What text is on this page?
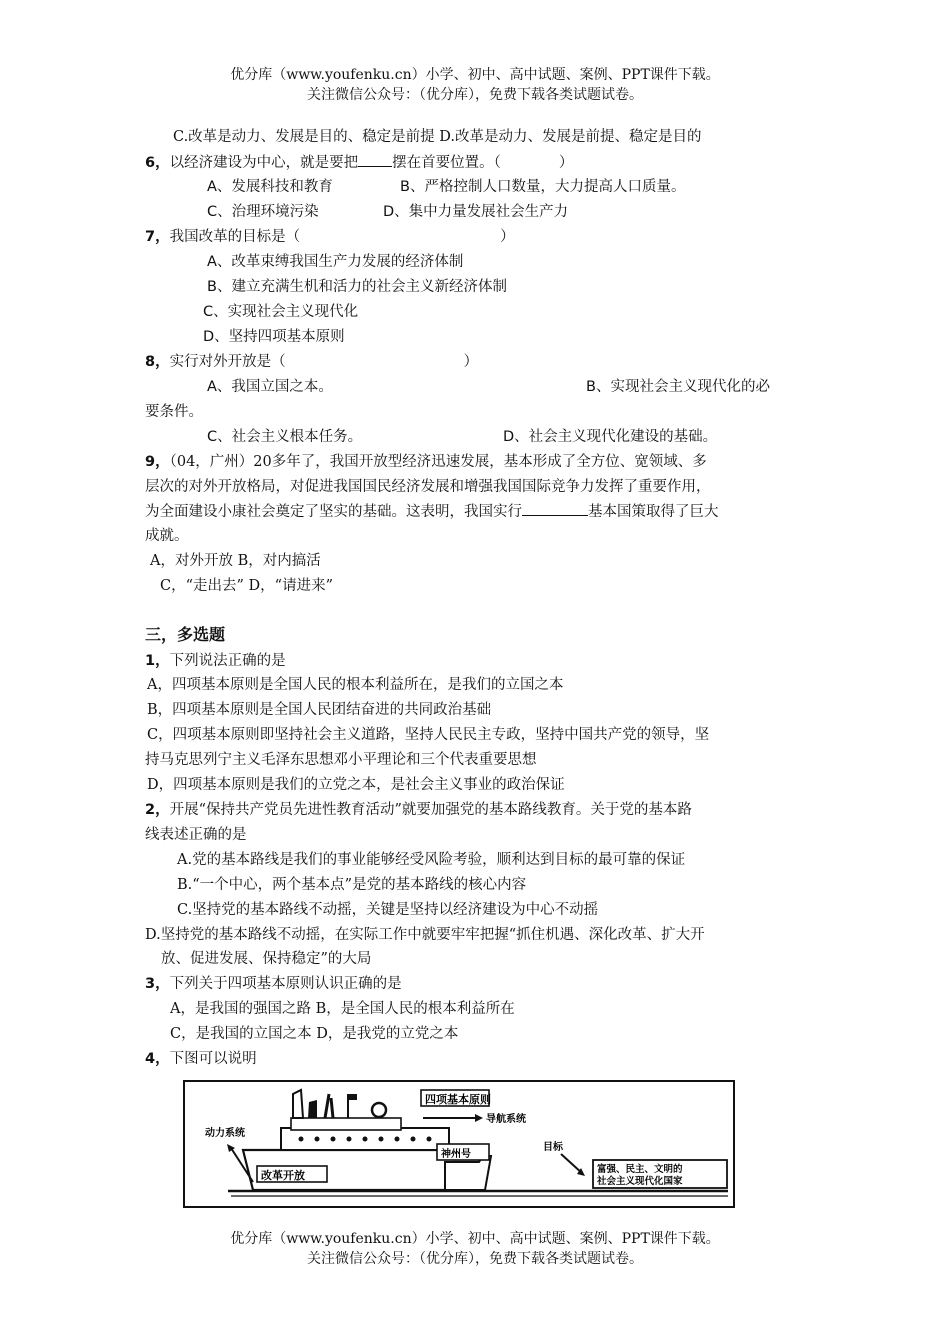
优分库（www.youfenku.cn）小学、初中、高中试题、案例、PPT课件下载。
关注微信公众号：（优分库），免费下载各类试题试卷。
C.改革是动力、发展是目的、稳定是前提 D.改革是动力、发展是前提、稳定是目的
6，以经济建设为中心，就是要把 摆在首要位置。（	）
A、发展科技和教育	B、严格控制人口数量，大力提高人口质量。
C、治理环境污染	D、集中力量发展社会生产力
7，我国改革的目标是（	）
A、改革束缚我国生产力发展的经济体制
B、建立充满生机和活力的社会主义新经济体制
C、实现社会主义现代化
D、坚持四项基本原则
8，实行对外开放是（	）
A、我国立国之本。	B、实现社会主义现代化的必
要条件。
C、社会主义根本任务。	D、社会主义现代化建设的基础。
9，（04，广州）20多年了，我国开放型经济迅速发展，基本形成了全方位、宽领域、多
层次的对外开放格局，对促进我国国民经济发展和增强我国国际竞争力发挥了重要作用，
为全面建设小康社会奠定了坚实的基础。这表明，我国实行	基本国策取得了巨大
成就。
A，对外开放 B，对内搞活
C，“走出去” D，“请进来”
三，多选题
1，下列说法正确的是
A，四项基本原则是全国人民的根本利益所在，是我们的立国之本
B，四项基本原则是全国人民团结奋进的共同政治基础
C，四项基本原则即坚持社会主义道路，坚持人民民主专政，坚持中国共产党的领导，坚
持马克思列宁主义毛泽东思想邓小平理论和三个代表重要思想
D，四项基本原则是我们的立党之本，是社会主义事业的政治保证
2，开展“保持共产党员先进性教育活动”就要加强党的基本路线教育。关于党的基本路
线表述正确的是
A.党的基本路线是我们的事业能够经受风险考验，顺利达到目标的最可靠的保证
B.“一个中心，两个基本点”是党的基本路线的核心内容
C.坚持党的基本路线不动摇，关键是坚持以经济建设为中心不动摇
D.坚持党的基本路线不动摇，在实际工作中就要牢牢把握“抓住机遇、深化改革、扩大开
放、促进发展、保持稳定”的大局
3，下列关于四项基本原则认识正确的是
A，是我国的强国之路 B，是全国人民的根本利益所在
C，是我国的立国之本 D，是我党的立党之本
4，下图可以说明
四项基本原则
导航系统
动力系统
改革开放
神州号
目标
富强、民主、文明的
社会主义现代化国家
优分库（www.youfenku.cn）小学、初中、高中试题、案例、PPT课件下载。
关注微信公众号：（优分库），免费下载各类试题试卷。
